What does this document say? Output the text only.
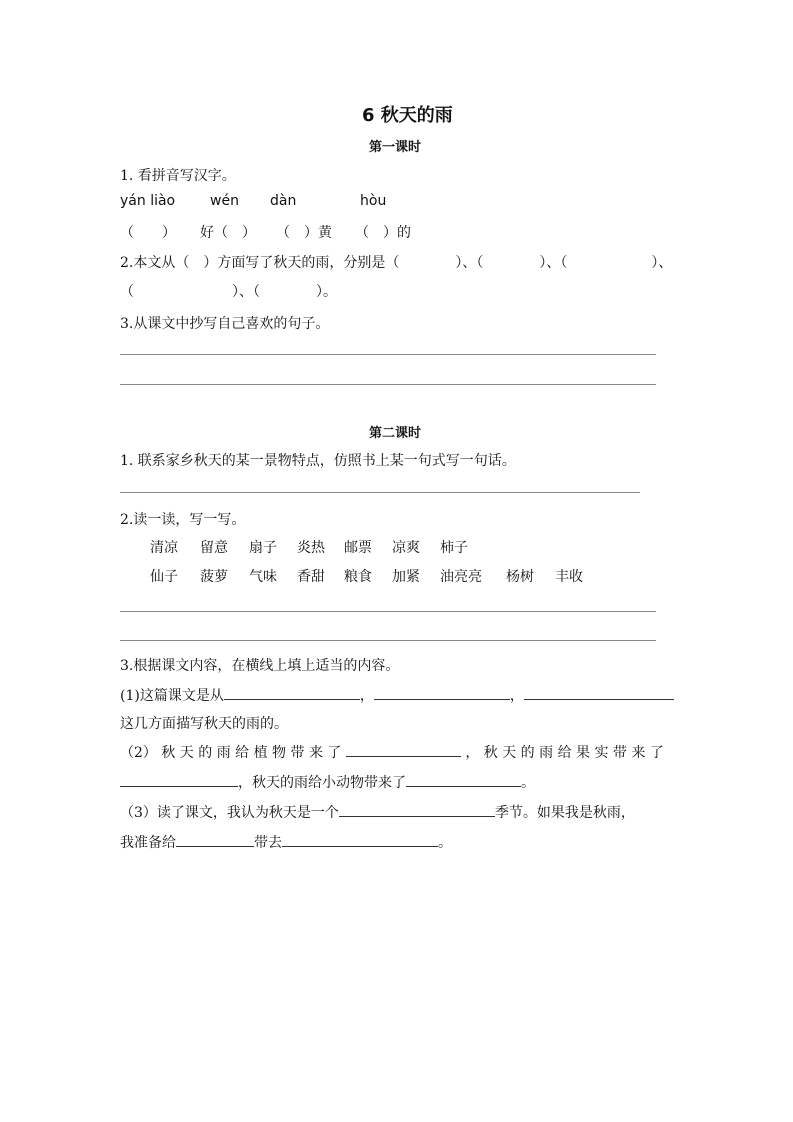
6 秋天的雨
第一课时
1. 看拼音写汉字。
yán liào wén dàn	hòu
（　　） 好（　） （　）黄 （　）的
2.本文从（　）方面写了秋天的雨，分别是（　　　　）、（　　　　）、（　　　　　　）、
（　　　　　　　）、（　　　　）。
3.从课文中抄写自己喜欢的句子。
第二课时
1. 联系家乡秋天的某一景物特点，仿照书上某一句式写一句话。
2.读一读，写一写。
清凉 留意 扇子 炎热 邮票 凉爽 柿子
仙子 菠萝 气味 香甜 粮食 加紧 油亮亮 杨树 丰收
3.根据课文内容，在横线上填上适当的内容。
(1)这篇课文是从	，	，
这几方面描写秋天的雨的。
（2） 秋 天 的 雨 给 植 物 带 来 了	， 秋 天 的 雨 给 果 实 带 来 了
，秋天的雨给小动物带来了	。
（3）读了课文，我认为秋天是一个	季节。如果我是秋雨，
我准备给	带去	。
